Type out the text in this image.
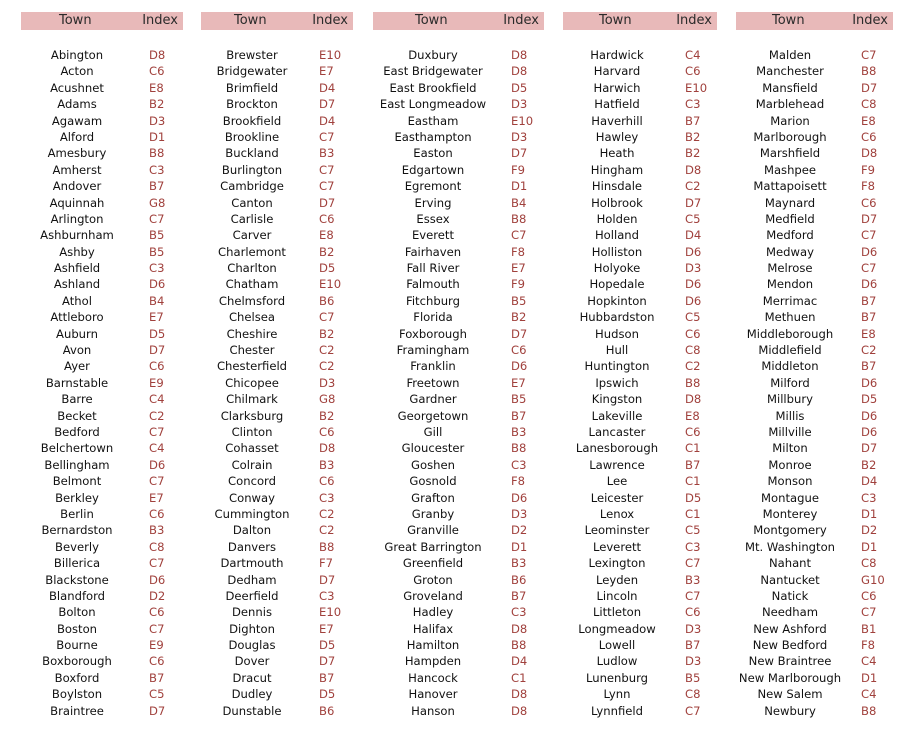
Town	Index
Abington	D8
Acton	C6
Acushnet	E8
Adams	B2
Agawam	D3
Alford	D1
Amesbury	B8
Amherst	C3
Andover	B7
Aquinnah	G8
Arlington	C7
Ashburnham	B5
Ashby	B5
Ashfield	C3
Ashland	D6
Athol	B4
Attleboro	E7
Auburn	D5
Avon	D7
Ayer	C6
Barnstable	E9
Barre	C4
Becket	C2
Bedford	C7
Belchertown	C4
Bellingham	D6
Belmont	C7
Berkley	E7
Berlin	C6
Bernardston	B3
Beverly	C8
Billerica	C7
Blackstone	D6
Blandford	D2
Bolton	C6
Boston	C7
Bourne	E9
Boxborough	C6
Boxford	B7
Boylston	C5
Braintree	D7
Town	Index
Brewster	E10
Bridgewater	E7
Brimfield	D4
Brockton	D7
Brookfield	D4
Brookline	C7
Buckland	B3
Burlington	C7
Cambridge	C7
Canton	D7
Carlisle	C6
Carver	E8
Charlemont	B2
Charlton	D5
Chatham	E10
Chelmsford	B6
Chelsea	C7
Cheshire	B2
Chester	C2
Chesterfield	C2
Chicopee	D3
Chilmark	G8
Clarksburg	B2
Clinton	C6
Cohasset	D8
Colrain	B3
Concord	C6
Conway	C3
Cummington	C2
Dalton	C2
Danvers	B8
Dartmouth	F7
Dedham	D7
Deerfield	C3
Dennis	E10
Dighton	E7
Douglas	D5
Dover	D7
Dracut	B7
Dudley	D5
Dunstable	B6
Town	Index
Duxbury	D8
East Bridgewater	D8
East Brookfield	D5
East Longmeadow	D3
Eastham	E10
Easthampton	D3
Easton	D7
Edgartown	F9
Egremont	D1
Erving	B4
Essex	B8
Everett	C7
Fairhaven	F8
Fall River	E7
Falmouth	F9
Fitchburg	B5
Florida	B2
Foxborough	D7
Framingham	C6
Franklin	D6
Freetown	E7
Gardner	B5
Georgetown	B7
Gill	B3
Gloucester	B8
Goshen	C3
Gosnold	F8
Grafton	D6
Granby	D3
Granville	D2
Great Barrington	D1
Greenfield	B3
Groton	B6
Groveland	B7
Hadley	C3
Halifax	D8
Hamilton	B8
Hampden	D4
Hancock	C1
Hanover	D8
Hanson	D8
Town	Index
Hardwick	C4
Harvard	C6
Harwich	E10
Hatfield	C3
Haverhill	B7
Hawley	B2
Heath	B2
Hingham	D8
Hinsdale	C2
Holbrook	D7
Holden	C5
Holland	D4
Holliston	D6
Holyoke	D3
Hopedale	D6
Hopkinton	D6
Hubbardston	C5
Hudson	C6
Hull	C8
Huntington	C2
Ipswich	B8
Kingston	D8
Lakeville	E8
Lancaster	C6
Lanesborough	C1
Lawrence	B7
Lee	C1
Leicester	D5
Lenox	C1
Leominster	C5
Leverett	C3
Lexington	C7
Leyden	B3
Lincoln	C7
Littleton	C6
Longmeadow	D3
Lowell	B7
Ludlow	D3
Lunenburg	B5
Lynn	C8
Lynnfield	C7
Town	Index
Malden	C7
Manchester	B8
Mansfield	D7
Marblehead	C8
Marion	E8
Marlborough	C6
Marshfield	D8
Mashpee	F9
Mattapoisett	F8
Maynard	C6
Medfield	D7
Medford	C7
Medway	D6
Melrose	C7
Mendon	D6
Merrimac	B7
Methuen	B7
Middleborough	E8
Middlefield	C2
Middleton	B7
Milford	D6
Millbury	D5
Millis	D6
Millville	D6
Milton	D7
Monroe	B2
Monson	D4
Montague	C3
Monterey	D1
Montgomery	D2
Mt. Washington	D1
Nahant	C8
Nantucket	G10
Natick	C6
Needham	C7
New Ashford	B1
New Bedford	F8
New Braintree	C4
New Marlborough	D1
New Salem	C4
Newbury	B8
